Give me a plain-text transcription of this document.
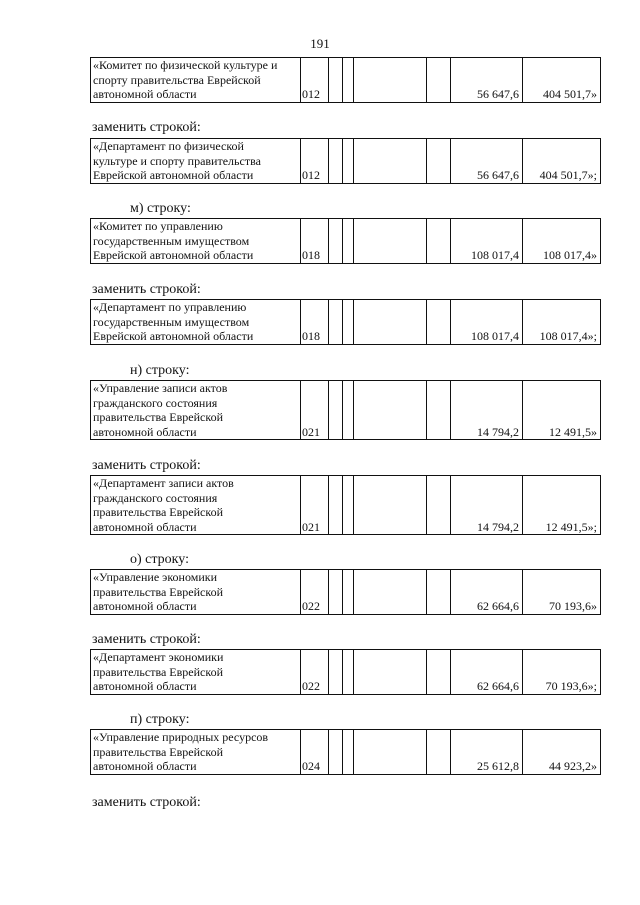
191
«Комитет по физической культуре и
спорту правительства Еврейской
автономной области	012					56 647,6	404 501,7»
заменить строкой:
«Департамент по физической
культуре и спорту правительства
Еврейской автономной области	012					56 647,6	404 501,7»;
м) строку:
«Комитет по управлению
государственным имуществом
Еврейской автономной области	018					108 017,4	108 017,4»
заменить строкой:
«Департамент по управлению
государственным имуществом
Еврейской автономной области	018					108 017,4	108 017,4»;
н) строку:
«Управление записи актов
гражданского состояния
правительства Еврейской
автономной области	021					14 794,2	12 491,5»
заменить строкой:
«Департамент записи актов
гражданского состояния
правительства Еврейской
автономной области	021					14 794,2	12 491,5»;
о) строку:
«Управление экономики
правительства Еврейской
автономной области	022					62 664,6	70 193,6»
заменить строкой:
«Департамент экономики
правительства Еврейской
автономной области	022					62 664,6	70 193,6»;
п) строку:
«Управление природных ресурсов
правительства Еврейской
автономной области	024					25 612,8	44 923,2»
заменить строкой:
